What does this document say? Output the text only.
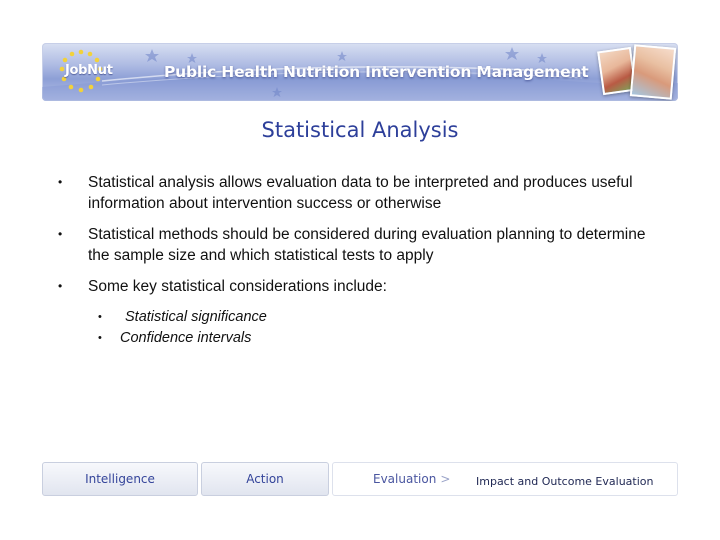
JobNut	Public Health Nutrition Intervention Management
Statistical Analysis
• Statistical analysis allows evaluation data to be interpreted and produces useful information about intervention success or otherwise
• Statistical methods should be considered during evaluation planning to determine the sample size and which statistical tests to apply
• Some key statistical considerations include:
• Statistical significance
• Confidence intervals
Intelligence	Action	Evaluation > Impact and Outcome Evaluation
